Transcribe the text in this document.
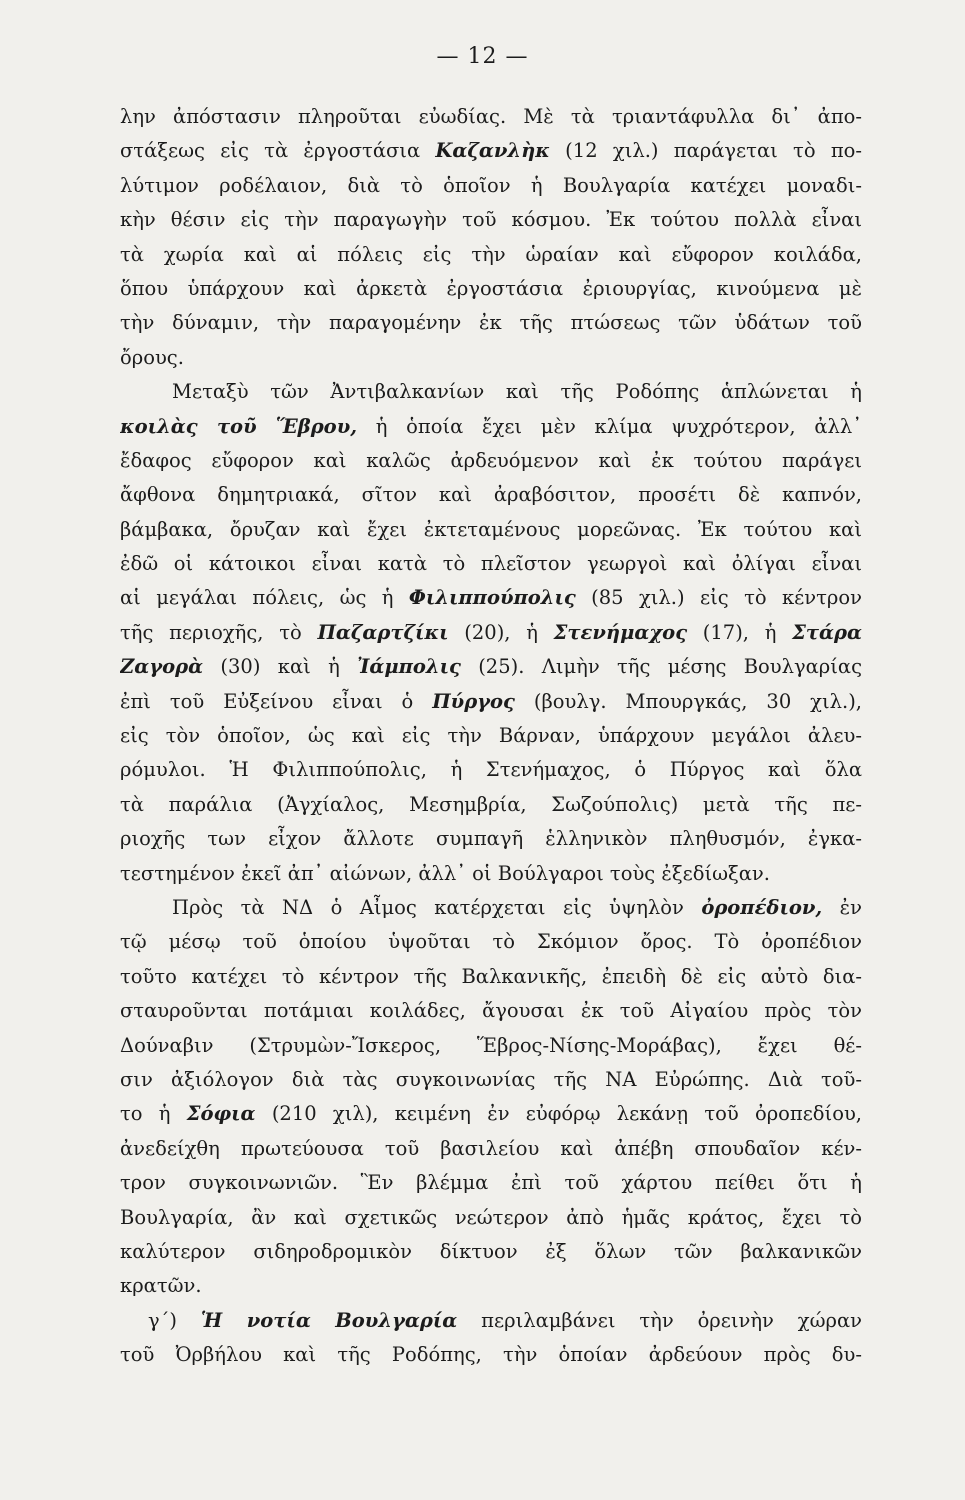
— 12 —
λην ἀπόστασιν πληροῦται εὐωδίας. Μὲ τὰ τριαντάφυλλα δι᾽ ἀπο-
στάξεως εἰς τὰ ἐργοστάσια Καζανλὴκ (12 χιλ.) παράγεται τὸ πο-
λύτιμον ροδέλαιον, διὰ τὸ ὁποῖον ἡ Βουλγαρία κατέχει μοναδι-
κὴν θέσιν εἰς τὴν παραγωγὴν τοῦ κόσμου. Ἐκ τούτου πολλὰ εἶναι
τὰ χωρία καὶ αἱ πόλεις εἰς τὴν ὡραίαν καὶ εὔφορον κοιλάδα,
ὅπου ὑπάρχουν καὶ ἀρκετὰ ἐργοστάσια ἐριουργίας, κινούμενα μὲ
τὴν δύναμιν, τὴν παραγομένην ἐκ τῆς πτώσεως τῶν ὑδάτων τοῦ
ὄρους.
Μεταξὺ τῶν Ἀντιβαλκανίων καὶ τῆς Ροδόπης ἁπλώνεται ἡ
κοιλὰς τοῦ Ἕβρου, ἡ ὁποία ἔχει μὲν κλίμα ψυχρότερον, ἀλλ᾽
ἔδαφος εὔφορον καὶ καλῶς ἀρδευόμενον καὶ ἐκ τούτου παράγει
ἄφθονα δημητριακά, σῖτον καὶ ἀραβόσιτον, προσέτι δὲ καπνόν,
βάμβακα, ὄρυζαν καὶ ἔχει ἐκτεταμένους μορεῶνας. Ἐκ τούτου καὶ
ἐδῶ οἱ κάτοικοι εἶναι κατὰ τὸ πλεῖστον γεωργοὶ καὶ ὀλίγαι εἶναι
αἱ μεγάλαι πόλεις, ὡς ἡ Φιλιππούπολις (85 χιλ.) εἰς τὸ κέντρον
τῆς περιοχῆς, τὸ Παζαρτζίκι (20), ἡ Στενήμαχος (17), ἡ Στάρα
Ζαγορὰ (30) καὶ ἡ Ἰάμπολις (25). Λιμὴν τῆς μέσης Βουλγαρίας
ἐπὶ τοῦ Εὐξείνου εἶναι ὁ Πύργος (βουλγ. Μπουργκάς, 30 χιλ.),
εἰς τὸν ὁποῖον, ὡς καὶ εἰς τὴν Βάρναν, ὑπάρχουν μεγάλοι ἀλευ-
ρόμυλοι. Ἡ Φιλιππούπολις, ἡ Στενήμαχος, ὁ Πύργος καὶ ὅλα
τὰ παράλια (Ἀγχίαλος, Μεσημβρία, Σωζούπολις) μετὰ τῆς πε-
ριοχῆς των εἶχον ἄλλοτε συμπαγῆ ἑλληνικὸν πληθυσμόν, ἐγκα-
τεστημένον ἐκεῖ ἀπ᾽ αἰώνων, ἀλλ᾽ οἱ Βούλγαροι τοὺς ἐξεδίωξαν.
Πρὸς τὰ ΝΔ ὁ Αἶμος κατέρχεται εἰς ὑψηλὸν ὀροπέδιον, ἐν
τῷ μέσῳ τοῦ ὁποίου ὑψοῦται τὸ Σκόμιον ὄρος. Τὸ ὀροπέδιον
τοῦτο κατέχει τὸ κέντρον τῆς Βαλκανικῆς, ἐπειδὴ δὲ εἰς αὐτὸ δια-
σταυροῦνται ποτάμιαι κοιλάδες, ἄγουσαι ἐκ τοῦ Αἰγαίου πρὸς τὸν
Δούναβιν (Στρυμὼν-Ἴσκερος, Ἕβρος-Νίσης-Μοράβας), ἔχει θέ-
σιν ἀξιόλογον διὰ τὰς συγκοινωνίας τῆς ΝΑ Εὐρώπης. Διὰ τοῦ-
το ἡ Σόφια (210 χιλ), κειμένη ἐν εὐφόρῳ λεκάνῃ τοῦ ὀροπεδίου,
ἀνεδείχθη πρωτεύουσα τοῦ βασιλείου καὶ ἀπέβη σπουδαῖον κέν-
τρον συγκοινωνιῶν. Ἓν βλέμμα ἐπὶ τοῦ χάρτου πείθει ὅτι ἡ
Βουλγαρία, ἂν καὶ σχετικῶς νεώτερον ἀπὸ ἡμᾶς κράτος, ἔχει τὸ
καλύτερον σιδηροδρομικὸν δίκτυον ἐξ ὅλων τῶν βαλκανικῶν
κρατῶν.
γ´) Ἡ νοτία Βουλγαρία περιλαμβάνει τὴν ὀρεινὴν χώραν
τοῦ Ὀρβήλου καὶ τῆς Ροδόπης, τὴν ὁποίαν ἀρδεύουν πρὸς δυ-
